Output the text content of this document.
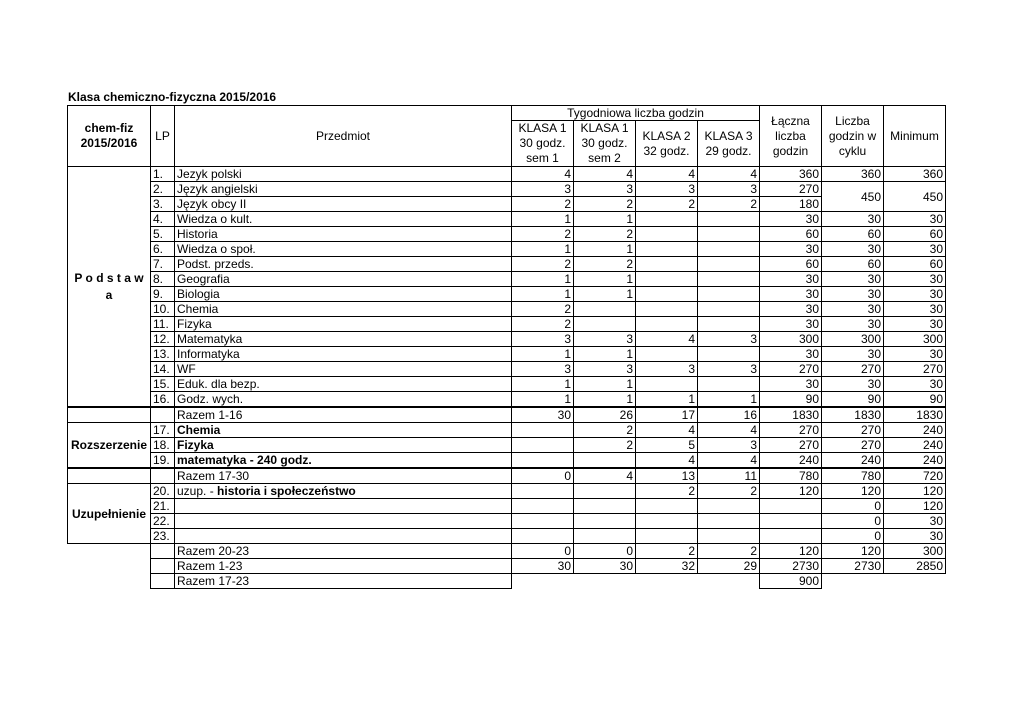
Klasa chemiczno-fizyczna 2015/2016
chem-fiz
2015/2016	LP	Przedmiot	Tygodniowa liczba godzin				Łączna liczba godzin	Liczba godzin w cyklu	Minimum
			KLASA 1 30 godz. sem 1	KLASA 1 30 godz. sem 2	KLASA 2 32 godz.	KLASA 3 29 godz.			

P o d s t a w a	1.	Jezyk polski	4	4	4	4	360	360	360
	2.	Język angielski	3	3	3	3	270	450	450
	3.	Język obcy II	2	2	2	2	180		
	4.	Wiedza o kult.	1	1			30	30	30
	5.	Historia	2	2			60	60	60
	6.	Wiedza o społ.	1	1			30	30	30
	7.	Podst. przeds.	2	2			60	60	60
	8.	Geografia	1	1			30	30	30
	9.	Biologia	1	1			30	30	30
	10.	Chemia	2				30	30	30
	11.	Fizyka	2				30	30	30
	12.	Matematyka	3	3	4	3	300	300	300
	13.	Informatyka	1	1			30	30	30
	14.	WF	3	3	3	3	270	270	270
	15.	Eduk. dla bezp.	1	1			30	30	30
	16.	Godz. wych.	1	1	1	1	90	90	90
		Razem 1-16	30	26	17	16	1830	1830	1830
Rozszerzenie	17.	Chemia		2	4	4	270	270	240
	18.	Fizyka		2	5	3	270	270	240
	19.	matematyka - 240 godz.			4	4	240	240	240
		Razem 17-30	0	4	13	11	780	780	720
Uzupełnienie	20.	uzup. - historia i społeczeństwo			2	2	120	120	120
	21.							0	120
	22.							0	30
	23.							0	30
		Razem 20-23	0	0	2	2	120	120	300
		Razem 1-23	30	30	32	29	2730	2730	2850
		Razem 17-23					900		
